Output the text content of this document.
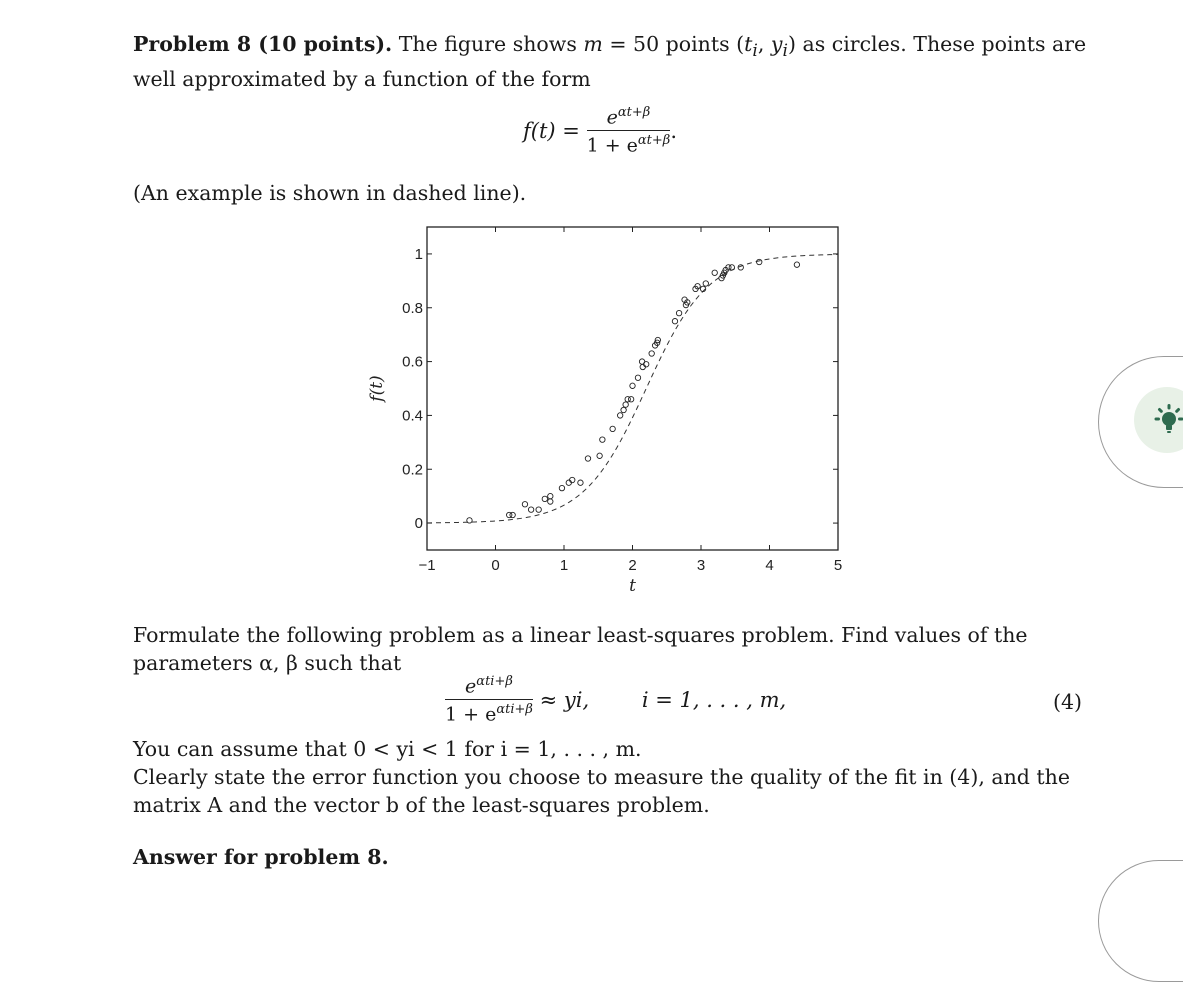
Problem 8 (10 points). The figure shows m = 50 points ($t_i$, $y_i$) as circles. These points are well approximated by a function of the form

$f(t) = \frac{e^{\alpha t+\beta}}{1 + e^{\alpha t+\beta}}$ .

(An example is shown in dashed line).

−1	0	1	2	3	4	5
0
0.2
0.4
0.6
0.8
1
t
f(t)

Formulate the following problem as a linear least-squares problem. Find values of the parameters α, β such that

$\frac{e^{\alpha ti+\beta}}{1 + e^{\alpha ti+\beta}}$ ≈ yi,	i = 1, . . . , m,	(4)

You can assume that 0 < yi < 1 for i = 1, . . . , m.

Clearly state the error function you choose to measure the quality of the fit in (4), and the matrix A and the vector b of the least-squares problem.

Answer for problem 8.
